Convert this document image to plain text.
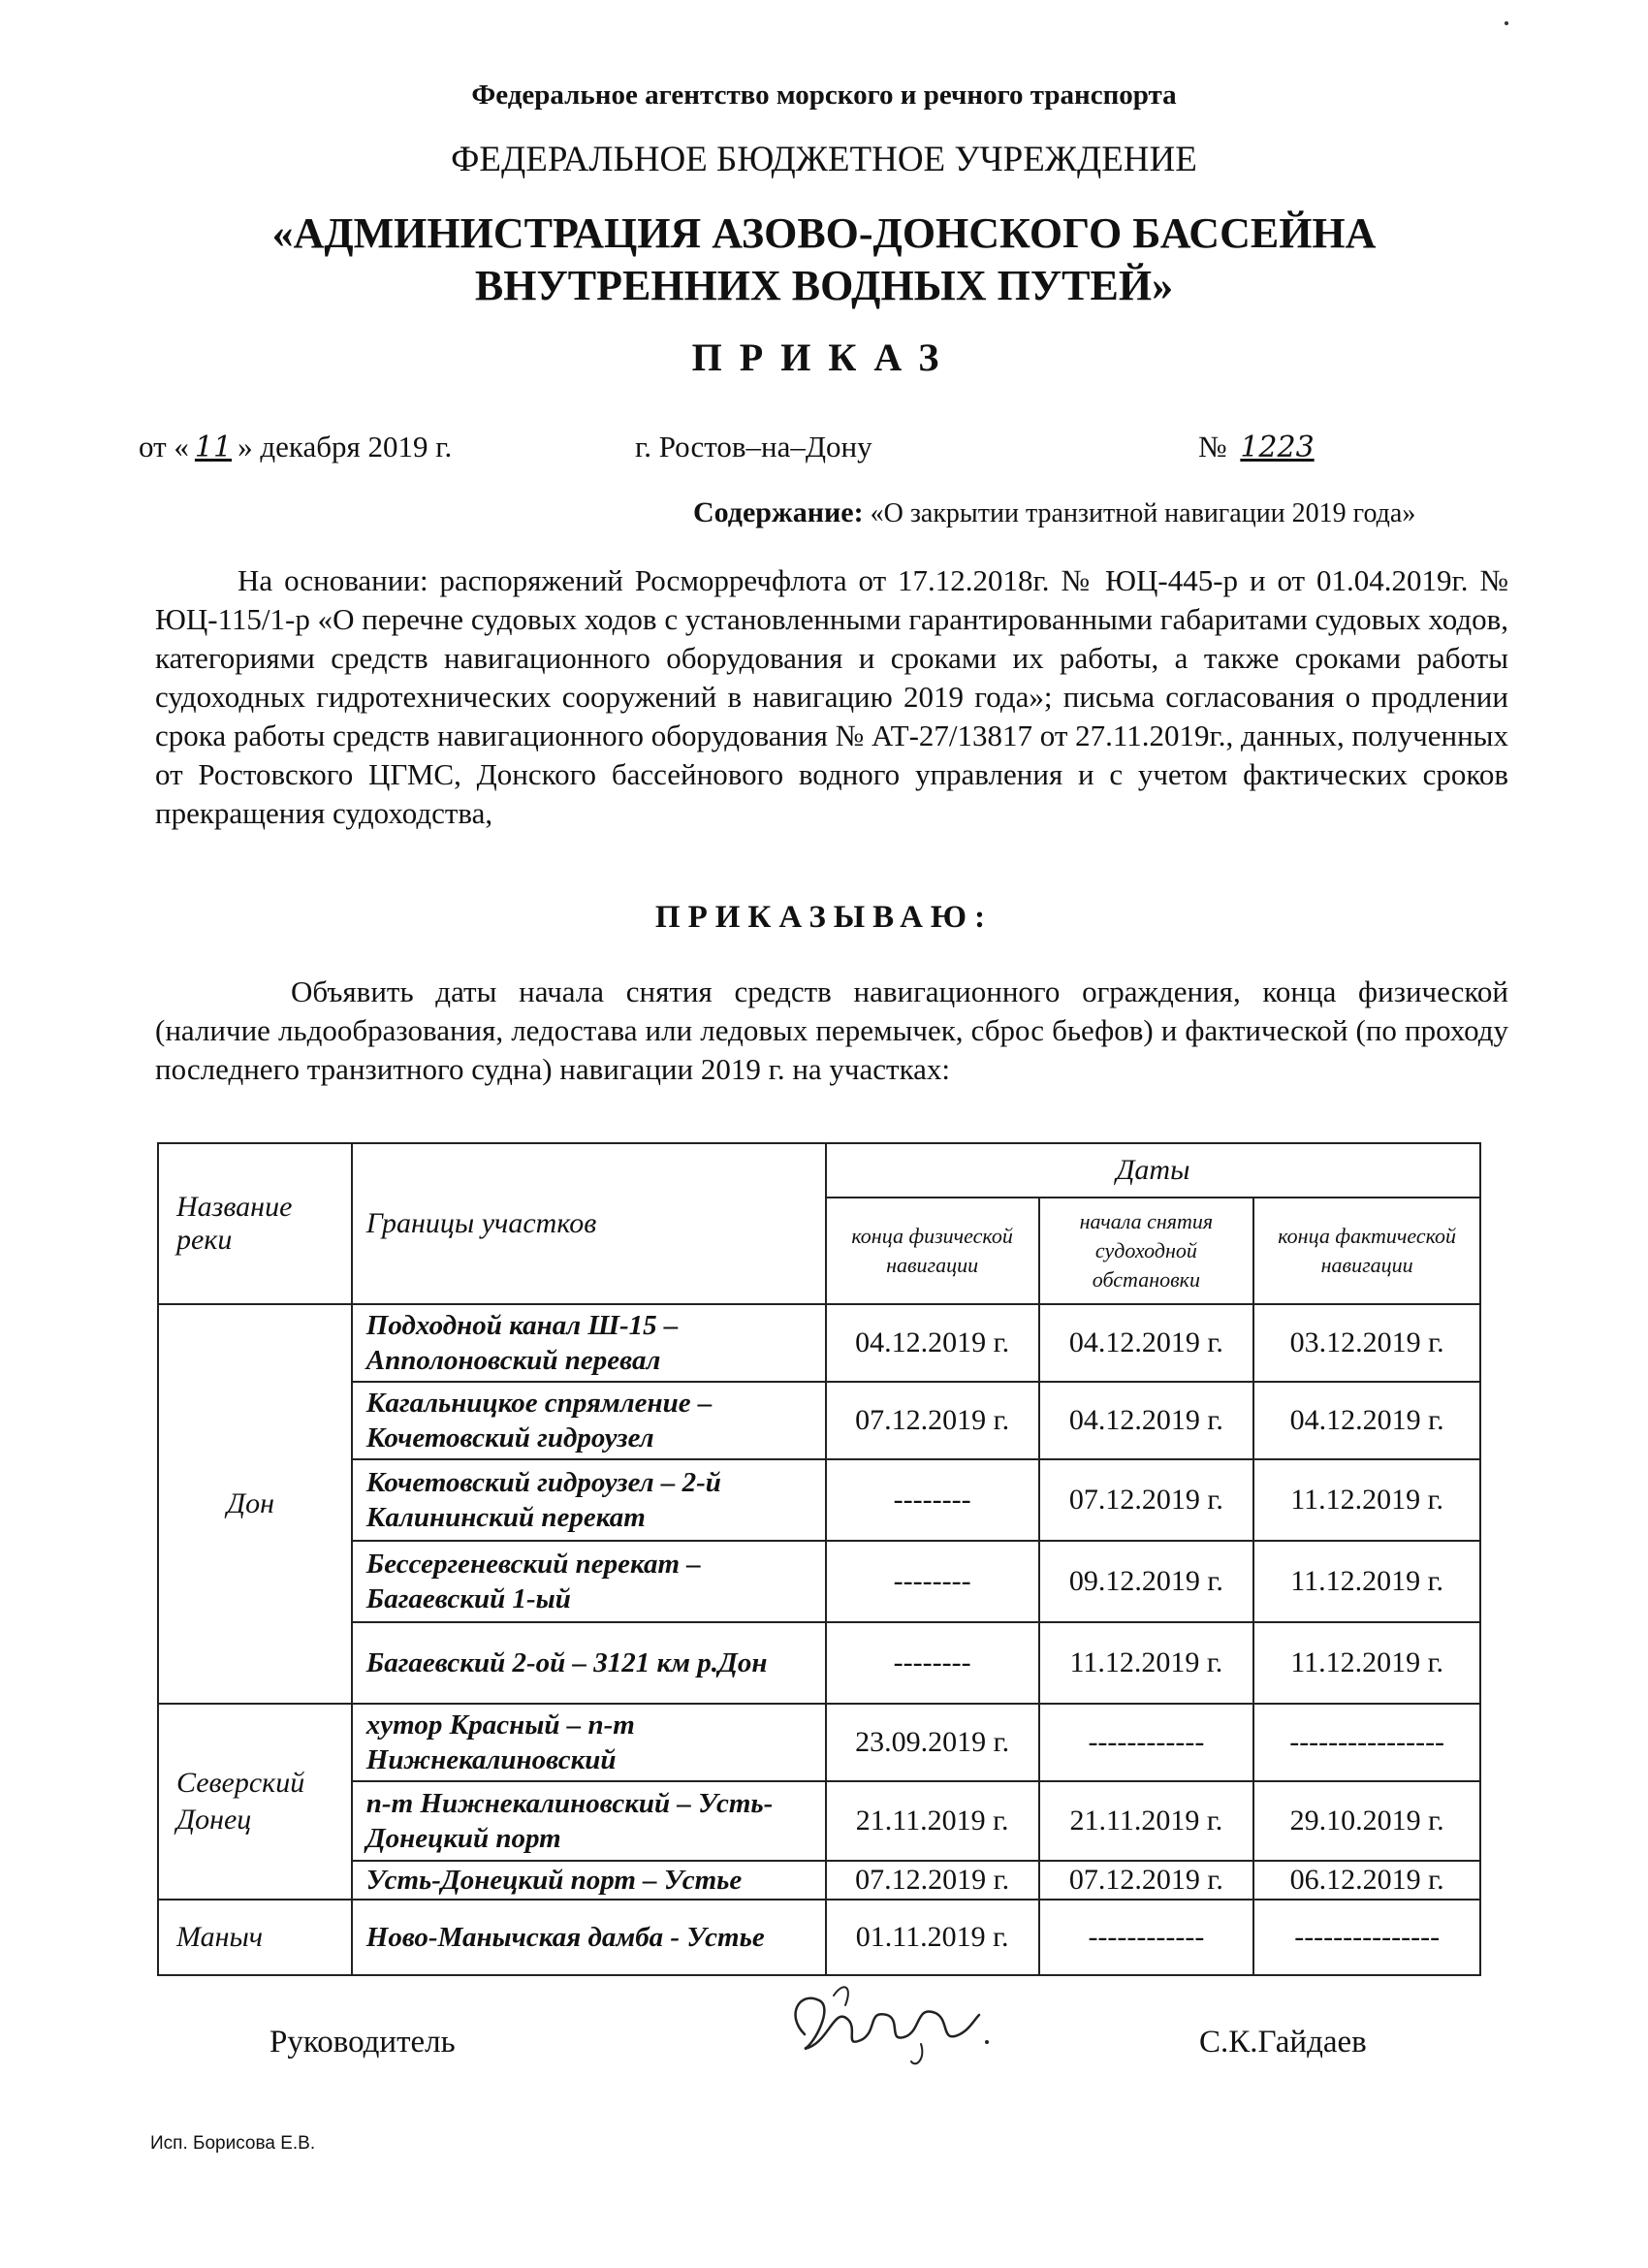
Федеральное агентство морского и речного транспорта
ФЕДЕРАЛЬНОЕ БЮДЖЕТНОЕ УЧРЕЖДЕНИЕ
«АДМИНИСТРАЦИЯ АЗОВО-ДОНСКОГО БАССЕЙНА
ВНУТРЕННИХ ВОДНЫХ ПУТЕЙ»
ПРИКАЗ
от « 11 » декабря 2019 г.	г. Ростов–на–Дону	№ 1223
Содержание: «О закрытии транзитной навигации 2019 года»
На основании: распоряжений Росморречфлота от 17.12.2018г. № ЮЦ-445-р и от 01.04.2019г. № ЮЦ-115/1-р «О перечне судовых ходов с установленными гарантированными габаритами судовых ходов, категориями средств навигационного оборудования и сроками их работы, а также сроками работы судоходных гидротехнических сооружений в навигацию 2019 года»; письма согласования о продлении срока работы средств навигационного оборудования № АТ-27/13817 от 27.11.2019г., данных, полученных от Ростовского ЦГМС, Донского бассейнового водного управления и с учетом фактических сроков прекращения судоходства,
ПРИКАЗЫВАЮ:
Объявить даты начала снятия средств навигационного ограждения, конца физической (наличие льдообразования, ледостава или ледовых перемычек, сброс бьефов) и фактической (по проходу последнего транзитного судна) навигации 2019 г. на участках:
Название реки	Границы участков	Даты		
		конца физической навигации	начала снятия судоходной обстановки	конца фактической навигации
Дон	Подходной канал Ш-15 – Апполоновский перевал	04.12.2019 г.	04.12.2019 г.	03.12.2019 г.
	Кагальницкое спрямление – Кочетовский гидроузел	07.12.2019 г.	04.12.2019 г.	04.12.2019 г.
	Кочетовский гидроузел – 2-й Калининский перекат	--------	07.12.2019 г.	11.12.2019 г.
	Бессергеневский перекат – Багаевский 1-ый	--------	09.12.2019 г.	11.12.2019 г.
	Багаевский 2-ой – 3121 км р.Дон	--------	11.12.2019 г.	11.12.2019 г.
Северский Донец	хутор Красный – п-т Нижнекалиновский	23.09.2019 г.	------------	----------------
	п-т Нижнекалиновский – Усть-Донецкий порт	21.11.2019 г.	21.11.2019 г.	29.10.2019 г.
	Усть-Донецкий порт – Устье	07.12.2019 г.	07.12.2019 г.	06.12.2019 г.
Маныч	Ново-Манычская дамба - Устье	01.11.2019 г.	------------	---------------
Руководитель	С.К.Гайдаев
Исп. Борисова Е.В.
